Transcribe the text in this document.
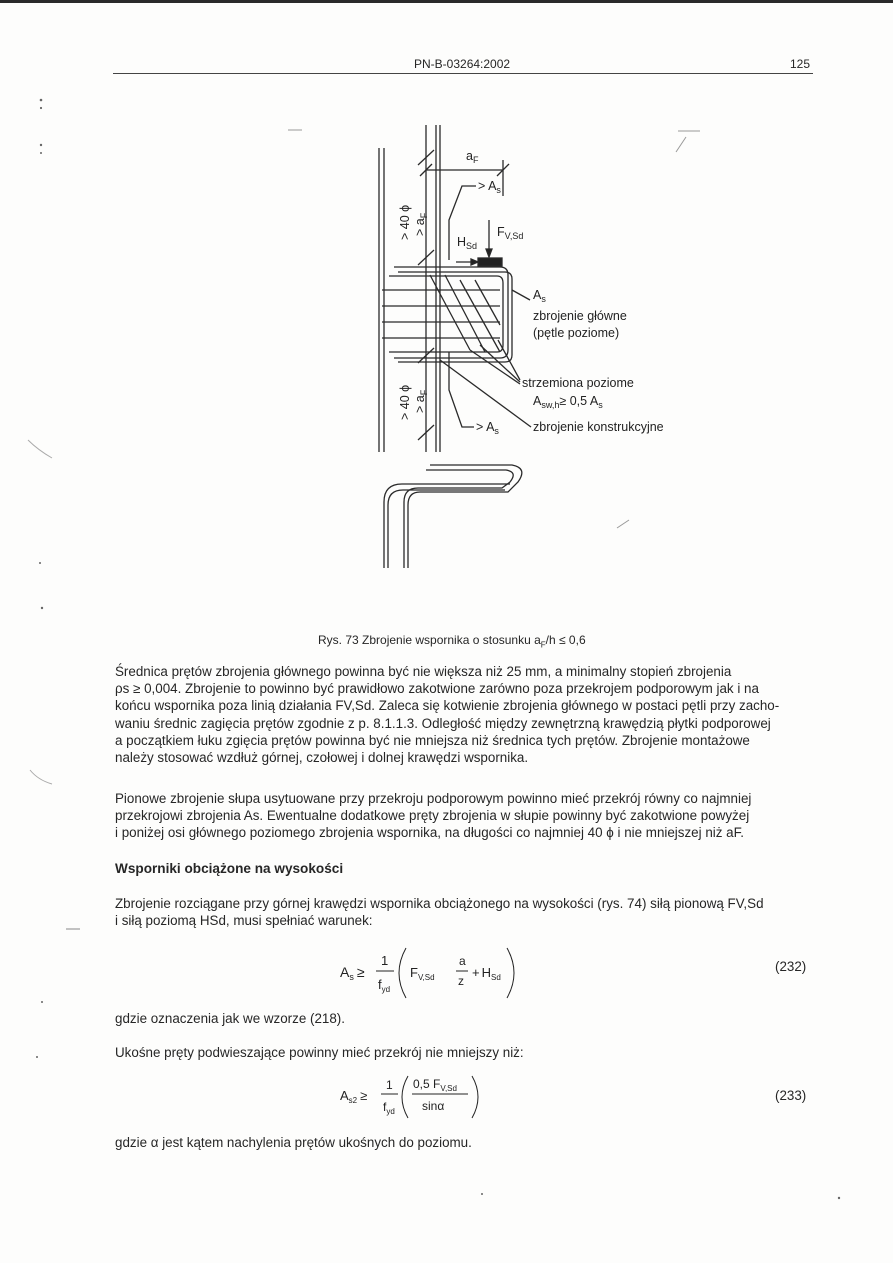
PN-B-03264:2002	125
$a_F$
> $A_s$
> 40 $\phi > a_F$
$H_{Sd}$
$F_{V,Sd}$
$A_s$
zbrojenie główne
(pętle poziome)
strzemiona poziome
$A_{sw,h}\ge 0,5$ $A_s$
> 40 $\phi > a_F$
> $A_s$	zbrojenie konstrukcyjne
Rys. 73 Zbrojenie wspornika o stosunku $a_F/h \le 0,6$
Średnica prętów zbrojenia głównego powinna być nie większa niż 25 mm, a minimalny stopień zbrojenia
ρs ≥ 0,004. Zbrojenie to powinno być prawidłowo zakotwione zarówno poza przekrojem podporowym jak i na
końcu wspornika poza linią działania FV,Sd. Zaleca się kotwienie zbrojenia głównego w postaci pętli przy zacho-
waniu średnic zagięcia prętów zgodnie z p. 8.1.1.3. Odległość między zewnętrzną krawędzią płytki podporowej
a początkiem łuku zgięcia prętów powinna być nie mniejsza niż średnica tych prętów. Zbrojenie montażowe
należy stosować wzdłuż górnej, czołowej i dolnej krawędzi wspornika.
Pionowe zbrojenie słupa usytuowane przy przekroju podporowym powinno mieć przekrój równy co najmniej
przekrojowi zbrojenia As. Ewentualne dodatkowe pręty zbrojenia w słupie powinny być zakotwione powyżej
i poniżej osi głównego poziomego zbrojenia wspornika, na długości co najmniej 40 ϕ i nie mniejszej niż aF.
Wsporniki obciążone na wysokości
Zbrojenie rozciągane przy górnej krawędzi wspornika obciążonego na wysokości (rys. 74) siłą pionową FV,Sd
i siłą poziomą HSd, musi spełniać warunek:
$A_s$ ≥
1
$f_{yd}$
$F_{V,Sd}$
a
z
+ $H_{Sd}$
(232)
gdzie oznaczenia jak we wzorze (218).
Ukośne pręty podwieszające powinny mieć przekrój nie mniejszy niż:
$A_{s2}$ ≥
1
$f_{yd}$
0,5 $F_{V,Sd}$
sinα
(233)
gdzie α jest kątem nachylenia prętów ukośnych do poziomu.
